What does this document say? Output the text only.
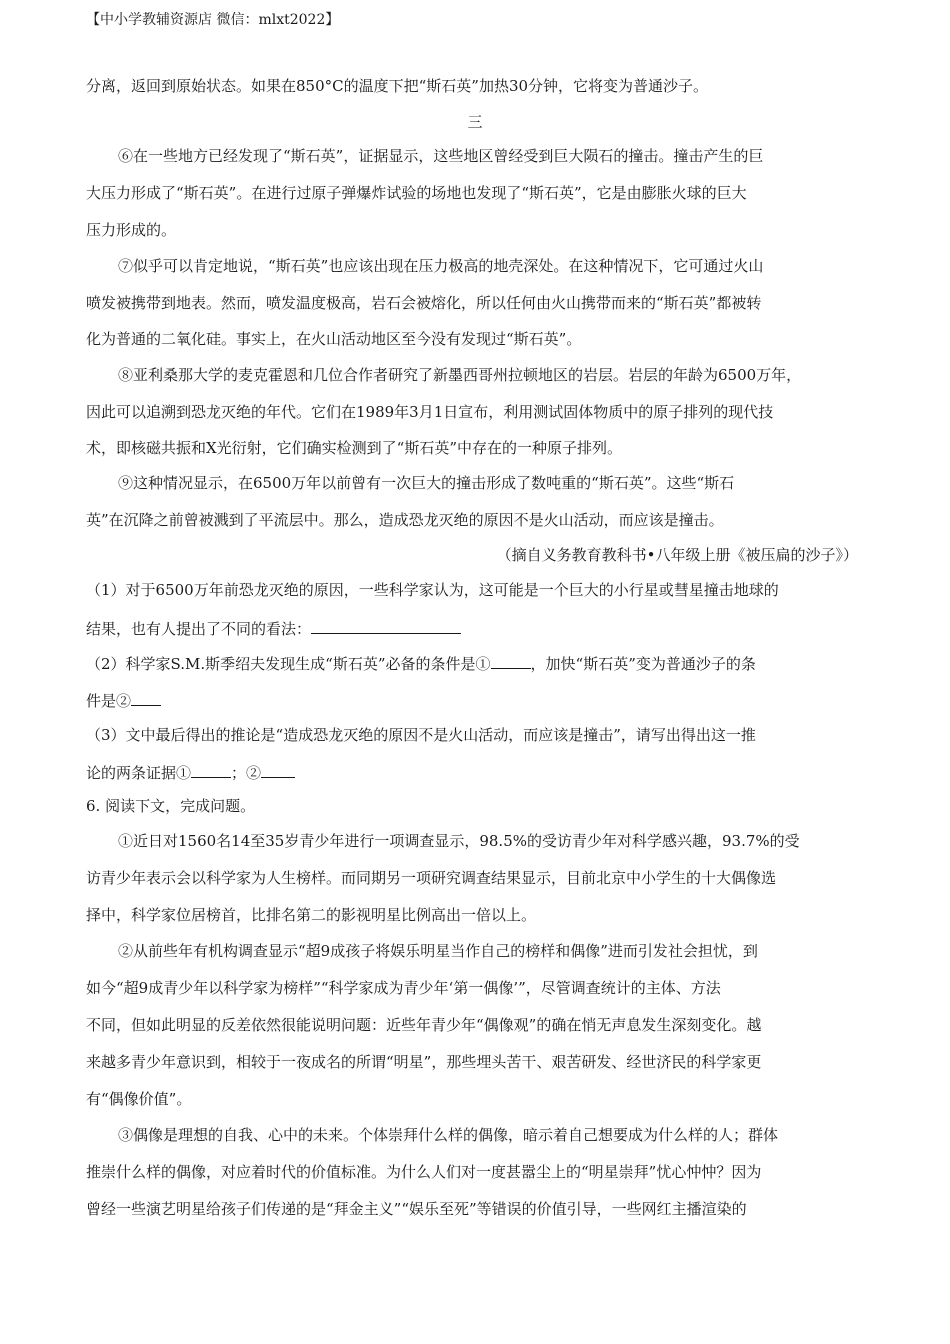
【中小学教辅资源店 微信：mlxt2022】
分离，返回到原始状态。如果在850°C的温度下把“斯石英”加热30分钟，它将变为普通沙子。
三
⑥在一些地方已经发现了“斯石英”，证据显示，这些地区曾经受到巨大陨石的撞击。撞击产生的巨
大压力形成了“斯石英”。在进行过原子弹爆炸试验的场地也发现了“斯石英”，它是由膨胀火球的巨大
压力形成的。
⑦似乎可以肯定地说，“斯石英”也应该出现在压力极高的地壳深处。在这种情况下，它可通过火山
喷发被携带到地表。然而，喷发温度极高，岩石会被熔化，所以任何由火山携带而来的“斯石英”都被转
化为普通的二氧化硅。事实上，在火山活动地区至今没有发现过“斯石英”。
⑧亚利桑那大学的麦克霍恩和几位合作者研究了新墨西哥州拉顿地区的岩层。岩层的年龄为6500万年，
因此可以追溯到恐龙灭绝的年代。它们在1989年3月1日宣布，利用测试固体物质中的原子排列的现代技
术，即核磁共振和X光衍射，它们确实检测到了“斯石英”中存在的一种原子排列。
⑨这种情况显示，在6500万年以前曾有一次巨大的撞击形成了数吨重的“斯石英”。这些“斯石
英”在沉降之前曾被溅到了平流层中。那么，造成恐龙灭绝的原因不是火山活动，而应该是撞击。
（摘自义务教育教科书•八年级上册《被压扁的沙子》）
（1）对于6500万年前恐龙灭绝的原因，一些科学家认为，这可能是一个巨大的小行星或彗星撞击地球的
结果，也有人提出了不同的看法：
（2）科学家S.M.斯季绍夫发现生成“斯石英”必备的条件是①	，加快“斯石英”变为普通沙子的条
件是②
（3）文中最后得出的推论是“造成恐龙灭绝的原因不是火山活动，而应该是撞击”，请写出得出这一推
论的两条证据①	；②
6. 阅读下文，完成问题。
①近日对1560名14至35岁青少年进行一项调查显示，98.5%的受访青少年对科学感兴趣，93.7%的受
访青少年表示会以科学家为人生榜样。而同期另一项研究调查结果显示，目前北京中小学生的十大偶像选
择中，科学家位居榜首，比排名第二的影视明星比例高出一倍以上。
②从前些年有机构调查显示“超9成孩子将娱乐明星当作自己的榜样和偶像”进而引发社会担忧，到
如今“超9成青少年以科学家为榜样”“科学家成为青少年‘第一偶像’”，尽管调查统计的主体、方法
不同，但如此明显的反差依然很能说明问题：近些年青少年“偶像观”的确在悄无声息发生深刻变化。越
来越多青少年意识到，相较于一夜成名的所谓“明星”，那些埋头苦干、艰苦研发、经世济民的科学家更
有“偶像价值”。
③偶像是理想的自我、心中的未来。个体崇拜什么样的偶像，暗示着自己想要成为什么样的人；群体
推崇什么样的偶像，对应着时代的价值标准。为什么人们对一度甚嚣尘上的“明星崇拜”忧心忡忡？因为
曾经一些演艺明星给孩子们传递的是“拜金主义”“娱乐至死”等错误的价值引导，一些网红主播渲染的
